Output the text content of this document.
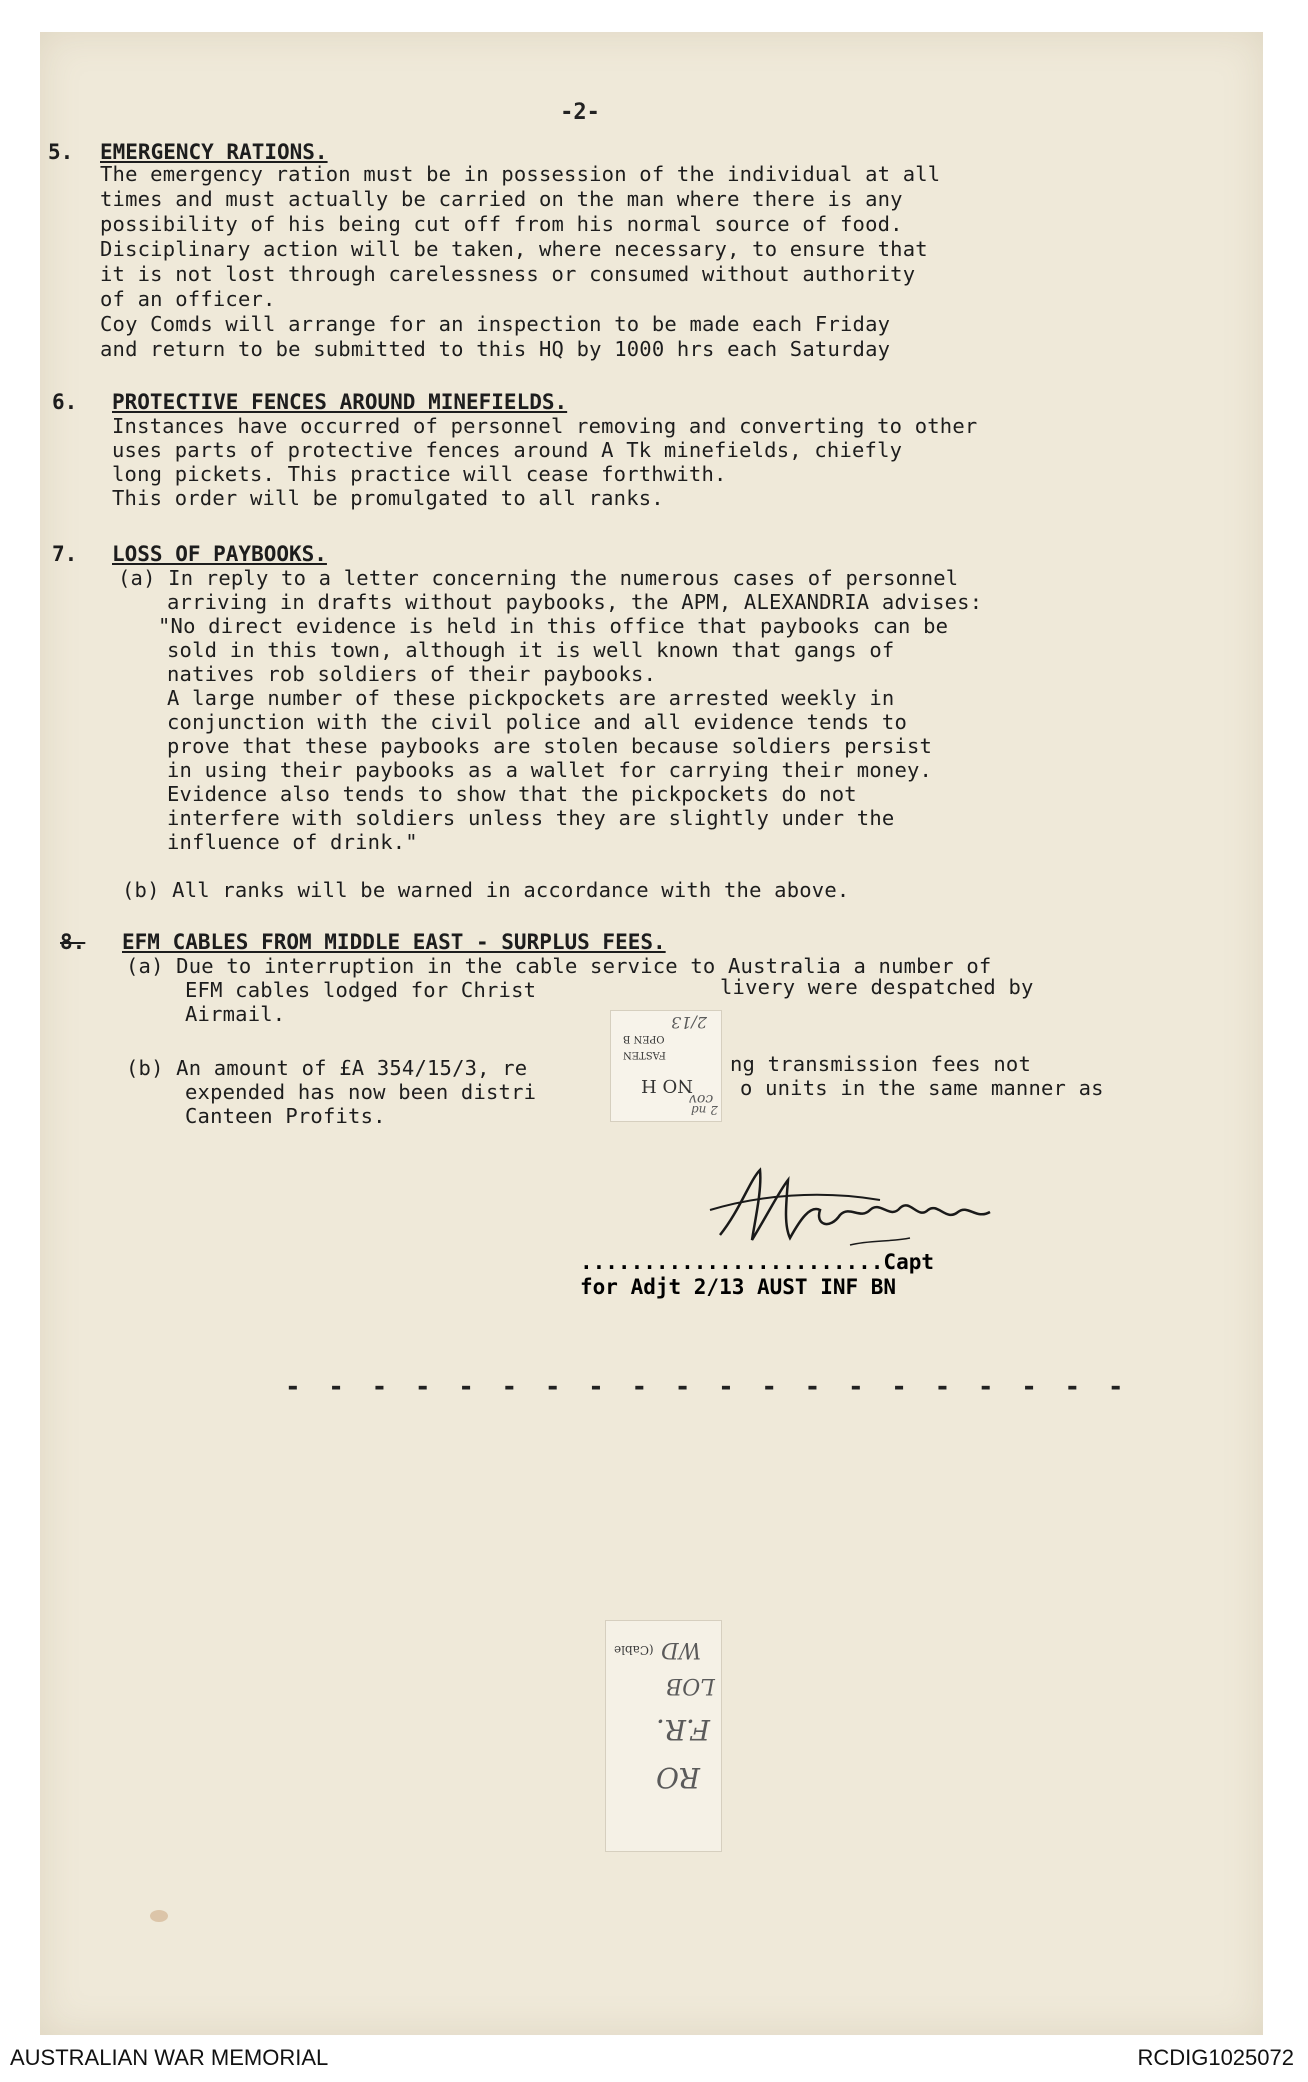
-2-
5. EMERGENCY RATIONS.
The emergency ration must be in possession of the individual at all
times and must actually be carried on the man where there is any
possibility of his being cut off from his normal source of food.
Disciplinary action will be taken, where necessary, to ensure that
it is not lost through carelessness or consumed without authority
of an officer.
Coy Comds will arrange for an inspection to be made each Friday
and return to be submitted to this HQ by 1000 hrs each Saturday
6. PROTECTIVE FENCES AROUND MINEFIELDS.
Instances have occurred of personnel removing and converting to other
uses parts of protective fences around A Tk minefields, chiefly
long pickets. This practice will cease forthwith.
This order will be promulgated to all ranks.
7. LOSS OF PAYBOOKS.
(a) In reply to a letter concerning the numerous cases of personnel
arriving in drafts without paybooks, the APM, ALEXANDRIA advises:
"No direct evidence is held in this office that paybooks can be
sold in this town, although it is well known that gangs of
natives rob soldiers of their paybooks.
A large number of these pickpockets are arrested weekly in
conjunction with the civil police and all evidence tends to
prove that these paybooks are stolen because soldiers persist
in using their paybooks as a wallet for carrying their money.
Evidence also tends to show that the pickpockets do not
interfere with soldiers unless they are slightly under the
influence of drink."
(b) All ranks will be warned in accordance with the above.
8. EFM CABLES FROM MIDDLE EAST - SURPLUS FEES.
(a) Due to interruption in the cable service to Australia a number of
EFM cables lodged for Christ	livery were despatched by
Airmail.
(b) An amount of £A 354/15/3, re	ng transmission fees not
expended has now been distri	o units in the same manner as
Canteen Profits.
OPEN B
FASTEN
NO H
2/13
cov
2 nd
........................Capt
for Adjt 2/13 AUST INF BN
- - - - - - - - - - - - - - - - - - - -
(Cable WD
LOB
F.R.
RO
AUSTRALIAN WAR MEMORIAL	RCDIG1025072
